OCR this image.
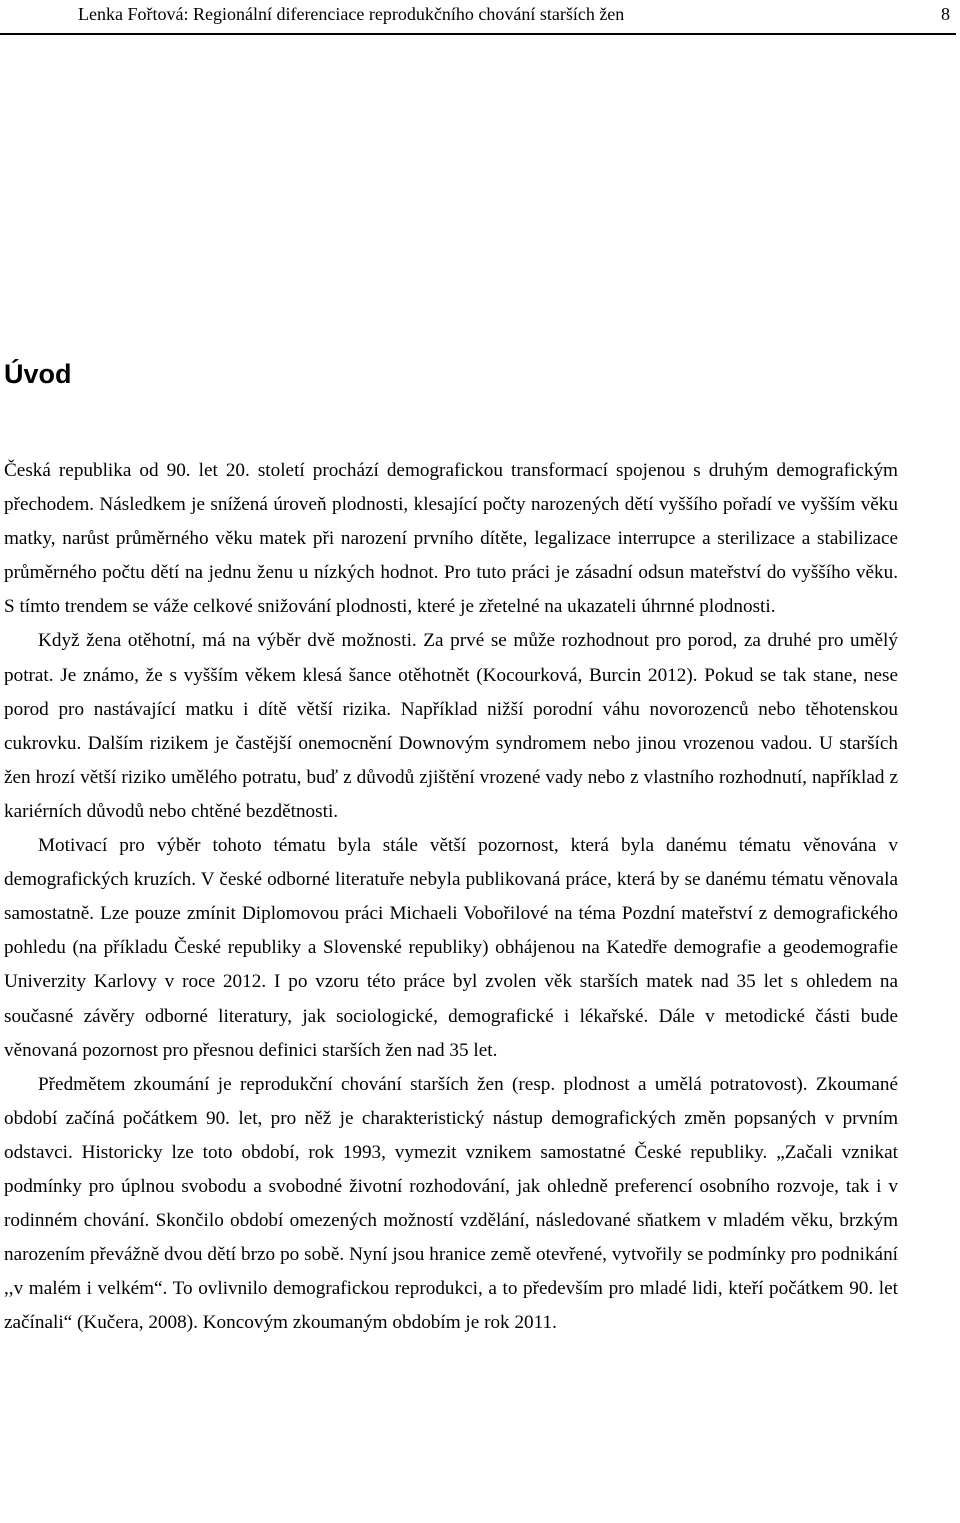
Lenka Fořtová: Regionální diferenciace reprodukčního chování starších žen	8
Úvod

Česká republika od 90. let 20. století prochází demografickou transformací spojenou s druhým demografickým přechodem. Následkem je snížená úroveň plodnosti, klesající počty narozených dětí vyššího pořadí ve vyšším věku matky, narůst průměrného věku matek při narození prvního dítěte, legalizace interrupce a sterilizace a stabilizace průměrného počtu dětí na jednu ženu u nízkých hodnot. Pro tuto práci je zásadní odsun mateřství do vyššího věku. S tímto trendem se váže celkové snižování plodnosti, které je zřetelné na ukazateli úhrnné plodnosti.

Když žena otěhotní, má na výběr dvě možnosti. Za prvé se může rozhodnout pro porod, za druhé pro umělý potrat. Je známo, že s vyšším věkem klesá šance otěhotnět (Kocourková, Burcin 2012). Pokud se tak stane, nese porod pro nastávající matku i dítě větší rizika. Například nižší porodní váhu novorozenců nebo těhotenskou cukrovku. Dalším rizikem je častější onemocnění Downovým syndromem nebo jinou vrozenou vadou. U starších žen hrozí větší riziko umělého potratu, buď z důvodů zjištění vrozené vady nebo z vlastního rozhodnutí, například z kariérních důvodů nebo chtěné bezdětnosti.

Motivací pro výběr tohoto tématu byla stále větší pozornost, která byla danému tématu věnována v demografických kruzích. V české odborné literatuře nebyla publikovaná práce, která by se danému tématu věnovala samostatně. Lze pouze zmínit Diplomovou práci Michaeli Vobořilové na téma Pozdní mateřství z demografického pohledu (na příkladu České republiky a Slovenské republiky) obhájenou na Katedře demografie a geodemografie Univerzity Karlovy v roce 2012. I po vzoru této práce byl zvolen věk starších matek nad 35 let s ohledem na současné závěry odborné literatury, jak sociologické, demografické i lékařské. Dále v metodické části bude věnovaná pozornost pro přesnou definici starších žen nad 35 let.

Předmětem zkoumání je reprodukční chování starších žen (resp. plodnost a umělá potratovost). Zkoumané období začíná počátkem 90. let, pro něž je charakteristický nástup demografických změn popsaných v prvním odstavci. Historicky lze toto období, rok 1993, vymezit vznikem samostatné České republiky. „Začali vznikat podmínky pro úplnou svobodu a svobodné životní rozhodování, jak ohledně preferencí osobního rozvoje, tak i v rodinném chování. Skončilo období omezených možností vzdělání, následované sňatkem v mladém věku, brzkým narozením převážně dvou dětí brzo po sobě. Nyní jsou hranice země otevřené, vytvořily se podmínky pro podnikání ,,v malém i velkém“. To ovlivnilo demografickou reprodukci, a to především pro mladé lidi, kteří počátkem 90. let začínali“ (Kučera, 2008). Koncovým zkoumaným obdobím je rok 2011.
